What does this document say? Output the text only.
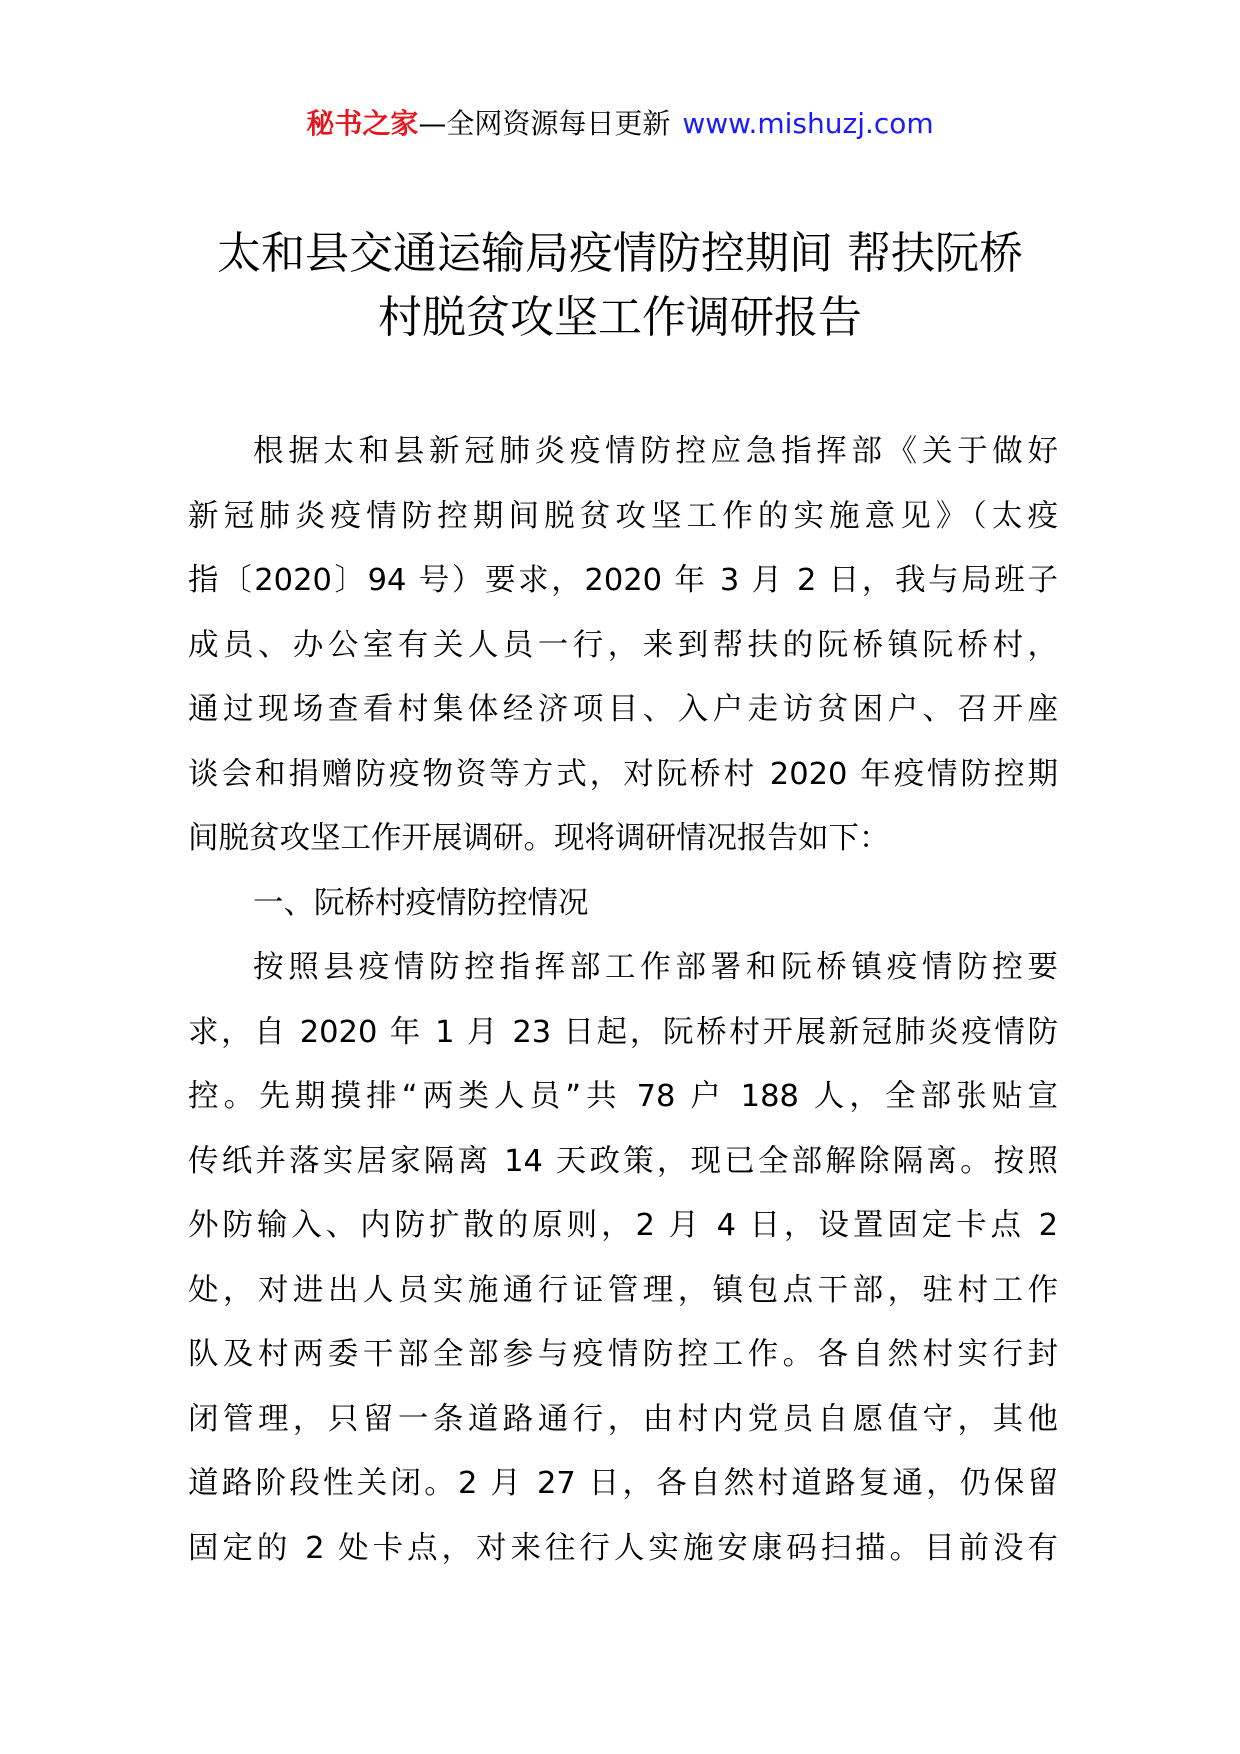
秘书之家—全网资源每日更新 www.mishuzj.com
太和县交通运输局疫情防控期间 帮扶阮桥
村脱贫攻坚工作调研报告
根据太和县新冠肺炎疫情防控应急指挥部《关于做好
新冠肺炎疫情防控期间脱贫攻坚工作的实施意见》（太疫
指〔2020〕94 号）要求，2020 年 3 月 2 日，我与局班子
成员、办公室有关人员一行，来到帮扶的阮桥镇阮桥村，
通过现场查看村集体经济项目、入户走访贫困户、召开座
谈会和捐赠防疫物资等方式，对阮桥村 2020 年疫情防控期
间脱贫攻坚工作开展调研。现将调研情况报告如下：
一、阮桥村疫情防控情况
按照县疫情防控指挥部工作部署和阮桥镇疫情防控要
求，自 2020 年 1 月 23 日起，阮桥村开展新冠肺炎疫情防
控。先期摸排“两类人员”共 78 户 188 人，全部张贴宣
传纸并落实居家隔离 14 天政策，现已全部解除隔离。按照
外防输入、内防扩散的原则，2 月 4 日，设置固定卡点 2
处，对进出人员实施通行证管理，镇包点干部，驻村工作
队及村两委干部全部参与疫情防控工作。各自然村实行封
闭管理，只留一条道路通行，由村内党员自愿值守，其他
道路阶段性关闭。2 月 27 日，各自然村道路复通，仍保留
固定的 2 处卡点，对来往行人实施安康码扫描。目前没有
